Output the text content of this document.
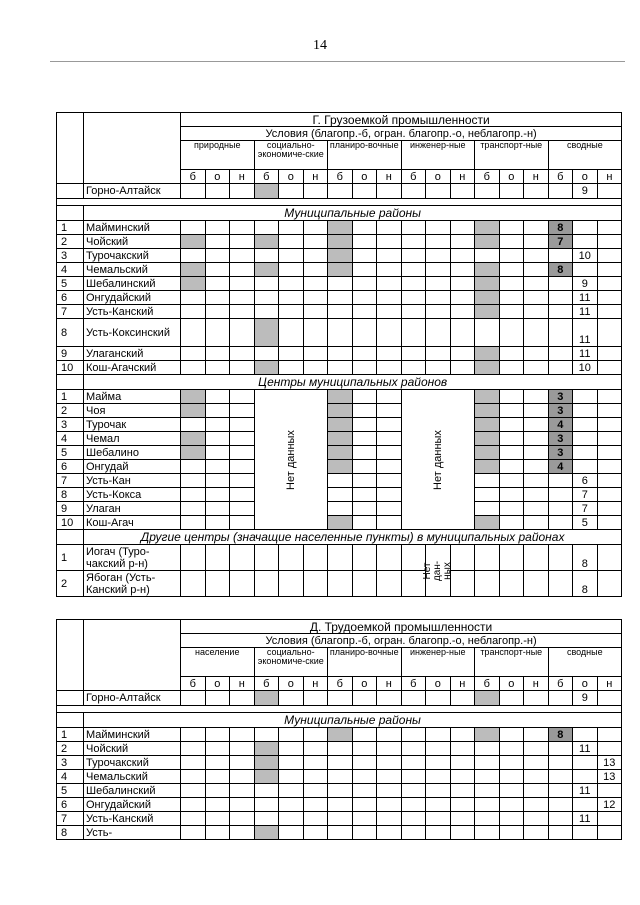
14
		Г. Грузоемкой промышленности																	
		Условия (благопр.-б, огран. благопр.-о, неблагопр.-н)																	
		природные			социально-экономиче-ские			планиро-вочные			инженер-ные			транспорт-ные			сводные		
		б	о	н	б	о	н	б	о	н	б	о	н	б	о	н	б	о	н
	Горно-Алтайск																	9	

	Муниципальные районы																		
1	Майминский																8		
2	Чойский																7		
3	Турочакский																	10	
4	Чемальский																8		
5	Шебалинский																	9	
6	Онгудайский																	11	
7	Усть-Канский																	11	
8	Усть-Коксинский																	11	
9	Улаганский																	11	
10	Кош-Агачский																	10	
	Центры муниципальных районов																		
1	Майма				Нет данных						Нет данных						3		
2	Чоя																3		
3	Турочак																4		
4	Чемал																3		
5	Шебалино																3		
6	Онгудай																4		
7	Усть-Кан																	6	
8	Усть-Кокса																	7	
9	Улаган																	7	
10	Кош-Агач																	5	
	Другие центры (значащие населенные пункты) в муниципальных районах																		
1	Иогач (Туро-чакский р-н)											Нет дан-ных						8	
2	Ябоган (Усть-Канский р-н)																	8	
		Д. Трудоемкой промышленности																	
		Условия (благопр.-б, огран. благопр.-о, неблагопр.-н)																	
		населениe			социально-экономиче-ские			планиро-вочные			инженер-ные			транспорт-ные			сводные		
		б	о	н	б	о	н	б	о	н	б	о	н	б	о	н	б	о	н
	Горно-Алтайск																	9	

	Муниципальные районы																		
1	Майминский																8		
2	Чойский																	11	
3	Турочакский																		13
4	Чемальский																		13
5	Шебалинский																	11	
6	Онгудайский																		12
7	Усть-Канский																	11	
8	Усть-																		
